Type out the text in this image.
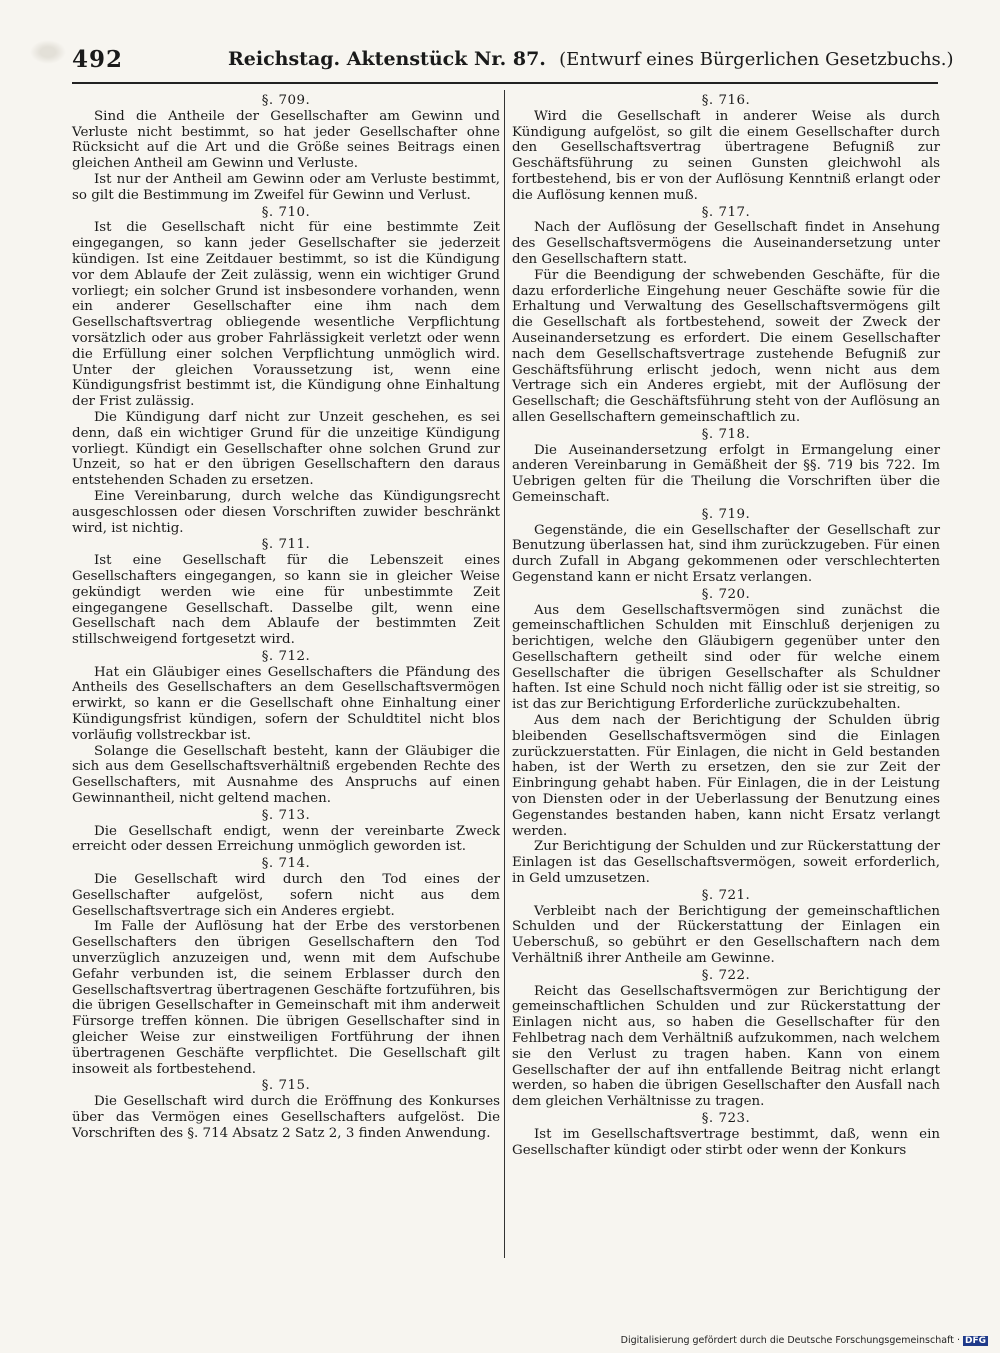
492	Reichstag. Aktenstück Nr. 87. (Entwurf eines Bürgerlichen Gesetzbuchs.)
§. 709.

Sind die Antheile der Gesellschafter am Gewinn und Verluste nicht bestimmt, so hat jeder Gesellschafter ohne Rücksicht auf die Art und die Größe seines Beitrags einen gleichen Antheil am Gewinn und Verluste.

Ist nur der Antheil am Gewinn oder am Verluste bestimmt, so gilt die Bestimmung im Zweifel für Gewinn und Verlust.

§. 710.

Ist die Gesellschaft nicht für eine bestimmte Zeit eingegangen, so kann jeder Gesellschafter sie jederzeit kündigen. Ist eine Zeitdauer bestimmt, so ist die Kündigung vor dem Ablaufe der Zeit zulässig, wenn ein wichtiger Grund vorliegt; ein solcher Grund ist insbesondere vorhanden, wenn ein anderer Gesellschafter eine ihm nach dem Gesellschaftsvertrag obliegende wesentliche Verpflichtung vorsätzlich oder aus grober Fahrlässigkeit verletzt oder wenn die Erfüllung einer solchen Verpflichtung unmöglich wird. Unter der gleichen Voraussetzung ist, wenn eine Kündigungsfrist bestimmt ist, die Kündigung ohne Einhaltung der Frist zulässig.

Die Kündigung darf nicht zur Unzeit geschehen, es sei denn, daß ein wichtiger Grund für die unzeitige Kündigung vorliegt. Kündigt ein Gesellschafter ohne solchen Grund zur Unzeit, so hat er den übrigen Gesellschaftern den daraus entstehenden Schaden zu ersetzen.

Eine Vereinbarung, durch welche das Kündigungsrecht ausgeschlossen oder diesen Vorschriften zuwider beschränkt wird, ist nichtig.

§. 711.

Ist eine Gesellschaft für die Lebenszeit eines Gesellschafters eingegangen, so kann sie in gleicher Weise gekündigt werden wie eine für unbestimmte Zeit eingegangene Gesellschaft. Dasselbe gilt, wenn eine Gesellschaft nach dem Ablaufe der bestimmten Zeit stillschweigend fortgesetzt wird.

§. 712.

Hat ein Gläubiger eines Gesellschafters die Pfändung des Antheils des Gesellschafters an dem Gesellschaftsvermögen erwirkt, so kann er die Gesellschaft ohne Einhaltung einer Kündigungsfrist kündigen, sofern der Schuldtitel nicht blos vorläufig vollstreckbar ist.

Solange die Gesellschaft besteht, kann der Gläubiger die sich aus dem Gesellschaftsverhältniß ergebenden Rechte des Gesellschafters, mit Ausnahme des Anspruchs auf einen Gewinnantheil, nicht geltend machen.

§. 713.

Die Gesellschaft endigt, wenn der vereinbarte Zweck erreicht oder dessen Erreichung unmöglich geworden ist.

§. 714.

Die Gesellschaft wird durch den Tod eines der Gesellschafter aufgelöst, sofern nicht aus dem Gesellschaftsvertrage sich ein Anderes ergiebt.

Im Falle der Auflösung hat der Erbe des verstorbenen Gesellschafters den übrigen Gesellschaftern den Tod unverzüglich anzuzeigen und, wenn mit dem Aufschube Gefahr verbunden ist, die seinem Erblasser durch den Gesellschaftsvertrag übertragenen Geschäfte fortzuführen, bis die übrigen Gesellschafter in Gemeinschaft mit ihm anderweit Fürsorge treffen können. Die übrigen Gesellschafter sind in gleicher Weise zur einstweiligen Fortführung der ihnen übertragenen Geschäfte verpflichtet. Die Gesellschaft gilt insoweit als fortbestehend.

§. 715.

Die Gesellschaft wird durch die Eröffnung des Konkurses über das Vermögen eines Gesellschafters aufgelöst. Die Vorschriften des §. 714 Absatz 2 Satz 2, 3 finden Anwendung.

§. 716.

Wird die Gesellschaft in anderer Weise als durch Kündigung aufgelöst, so gilt die einem Gesellschafter durch den Gesellschaftsvertrag übertragene Befugniß zur Geschäftsführung zu seinen Gunsten gleichwohl als fortbestehend, bis er von der Auflösung Kenntniß erlangt oder die Auflösung kennen muß.

§. 717.

Nach der Auflösung der Gesellschaft findet in Ansehung des Gesellschaftsvermögens die Auseinandersetzung unter den Gesellschaftern statt.

Für die Beendigung der schwebenden Geschäfte, für die dazu erforderliche Eingehung neuer Geschäfte sowie für die Erhaltung und Verwaltung des Gesellschaftsvermögens gilt die Gesellschaft als fortbestehend, soweit der Zweck der Auseinandersetzung es erfordert. Die einem Gesellschafter nach dem Gesellschaftsvertrage zustehende Befugniß zur Geschäftsführung erlischt jedoch, wenn nicht aus dem Vertrage sich ein Anderes ergiebt, mit der Auflösung der Gesellschaft; die Geschäftsführung steht von der Auflösung an allen Gesellschaftern gemeinschaftlich zu.

§. 718.

Die Auseinandersetzung erfolgt in Ermangelung einer anderen Vereinbarung in Gemäßheit der §§. 719 bis 722. Im Uebrigen gelten für die Theilung die Vorschriften über die Gemeinschaft.

§. 719.

Gegenstände, die ein Gesellschafter der Gesellschaft zur Benutzung überlassen hat, sind ihm zurückzugeben. Für einen durch Zufall in Abgang gekommenen oder verschlechterten Gegenstand kann er nicht Ersatz verlangen.

§. 720.

Aus dem Gesellschaftsvermögen sind zunächst die gemeinschaftlichen Schulden mit Einschluß derjenigen zu berichtigen, welche den Gläubigern gegenüber unter den Gesellschaftern getheilt sind oder für welche einem Gesellschafter die übrigen Gesellschafter als Schuldner haften. Ist eine Schuld noch nicht fällig oder ist sie streitig, so ist das zur Berichtigung Erforderliche zurückzubehalten.

Aus dem nach der Berichtigung der Schulden übrig bleibenden Gesellschaftsvermögen sind die Einlagen zurückzuerstatten. Für Einlagen, die nicht in Geld bestanden haben, ist der Werth zu ersetzen, den sie zur Zeit der Einbringung gehabt haben. Für Einlagen, die in der Leistung von Diensten oder in der Ueberlassung der Benutzung eines Gegenstandes bestanden haben, kann nicht Ersatz verlangt werden.

Zur Berichtigung der Schulden und zur Rückerstattung der Einlagen ist das Gesellschaftsvermögen, soweit erforderlich, in Geld umzusetzen.

§. 721.

Verbleibt nach der Berichtigung der gemeinschaftlichen Schulden und der Rückerstattung der Einlagen ein Ueberschuß, so gebührt er den Gesellschaftern nach dem Verhältniß ihrer Antheile am Gewinne.

§. 722.

Reicht das Gesellschaftsvermögen zur Berichtigung der gemeinschaftlichen Schulden und zur Rückerstattung der Einlagen nicht aus, so haben die Gesellschafter für den Fehlbetrag nach dem Verhältniß aufzukommen, nach welchem sie den Verlust zu tragen haben. Kann von einem Gesellschafter der auf ihn entfallende Beitrag nicht erlangt werden, so haben die übrigen Gesellschafter den Ausfall nach dem gleichen Verhältnisse zu tragen.

§. 723.

Ist im Gesellschaftsvertrage bestimmt, daß, wenn ein Gesellschafter kündigt oder stirbt oder wenn der Konkurs

Digitalisierung gefördert durch die Deutsche Forschungsgemeinschaft · DFG
